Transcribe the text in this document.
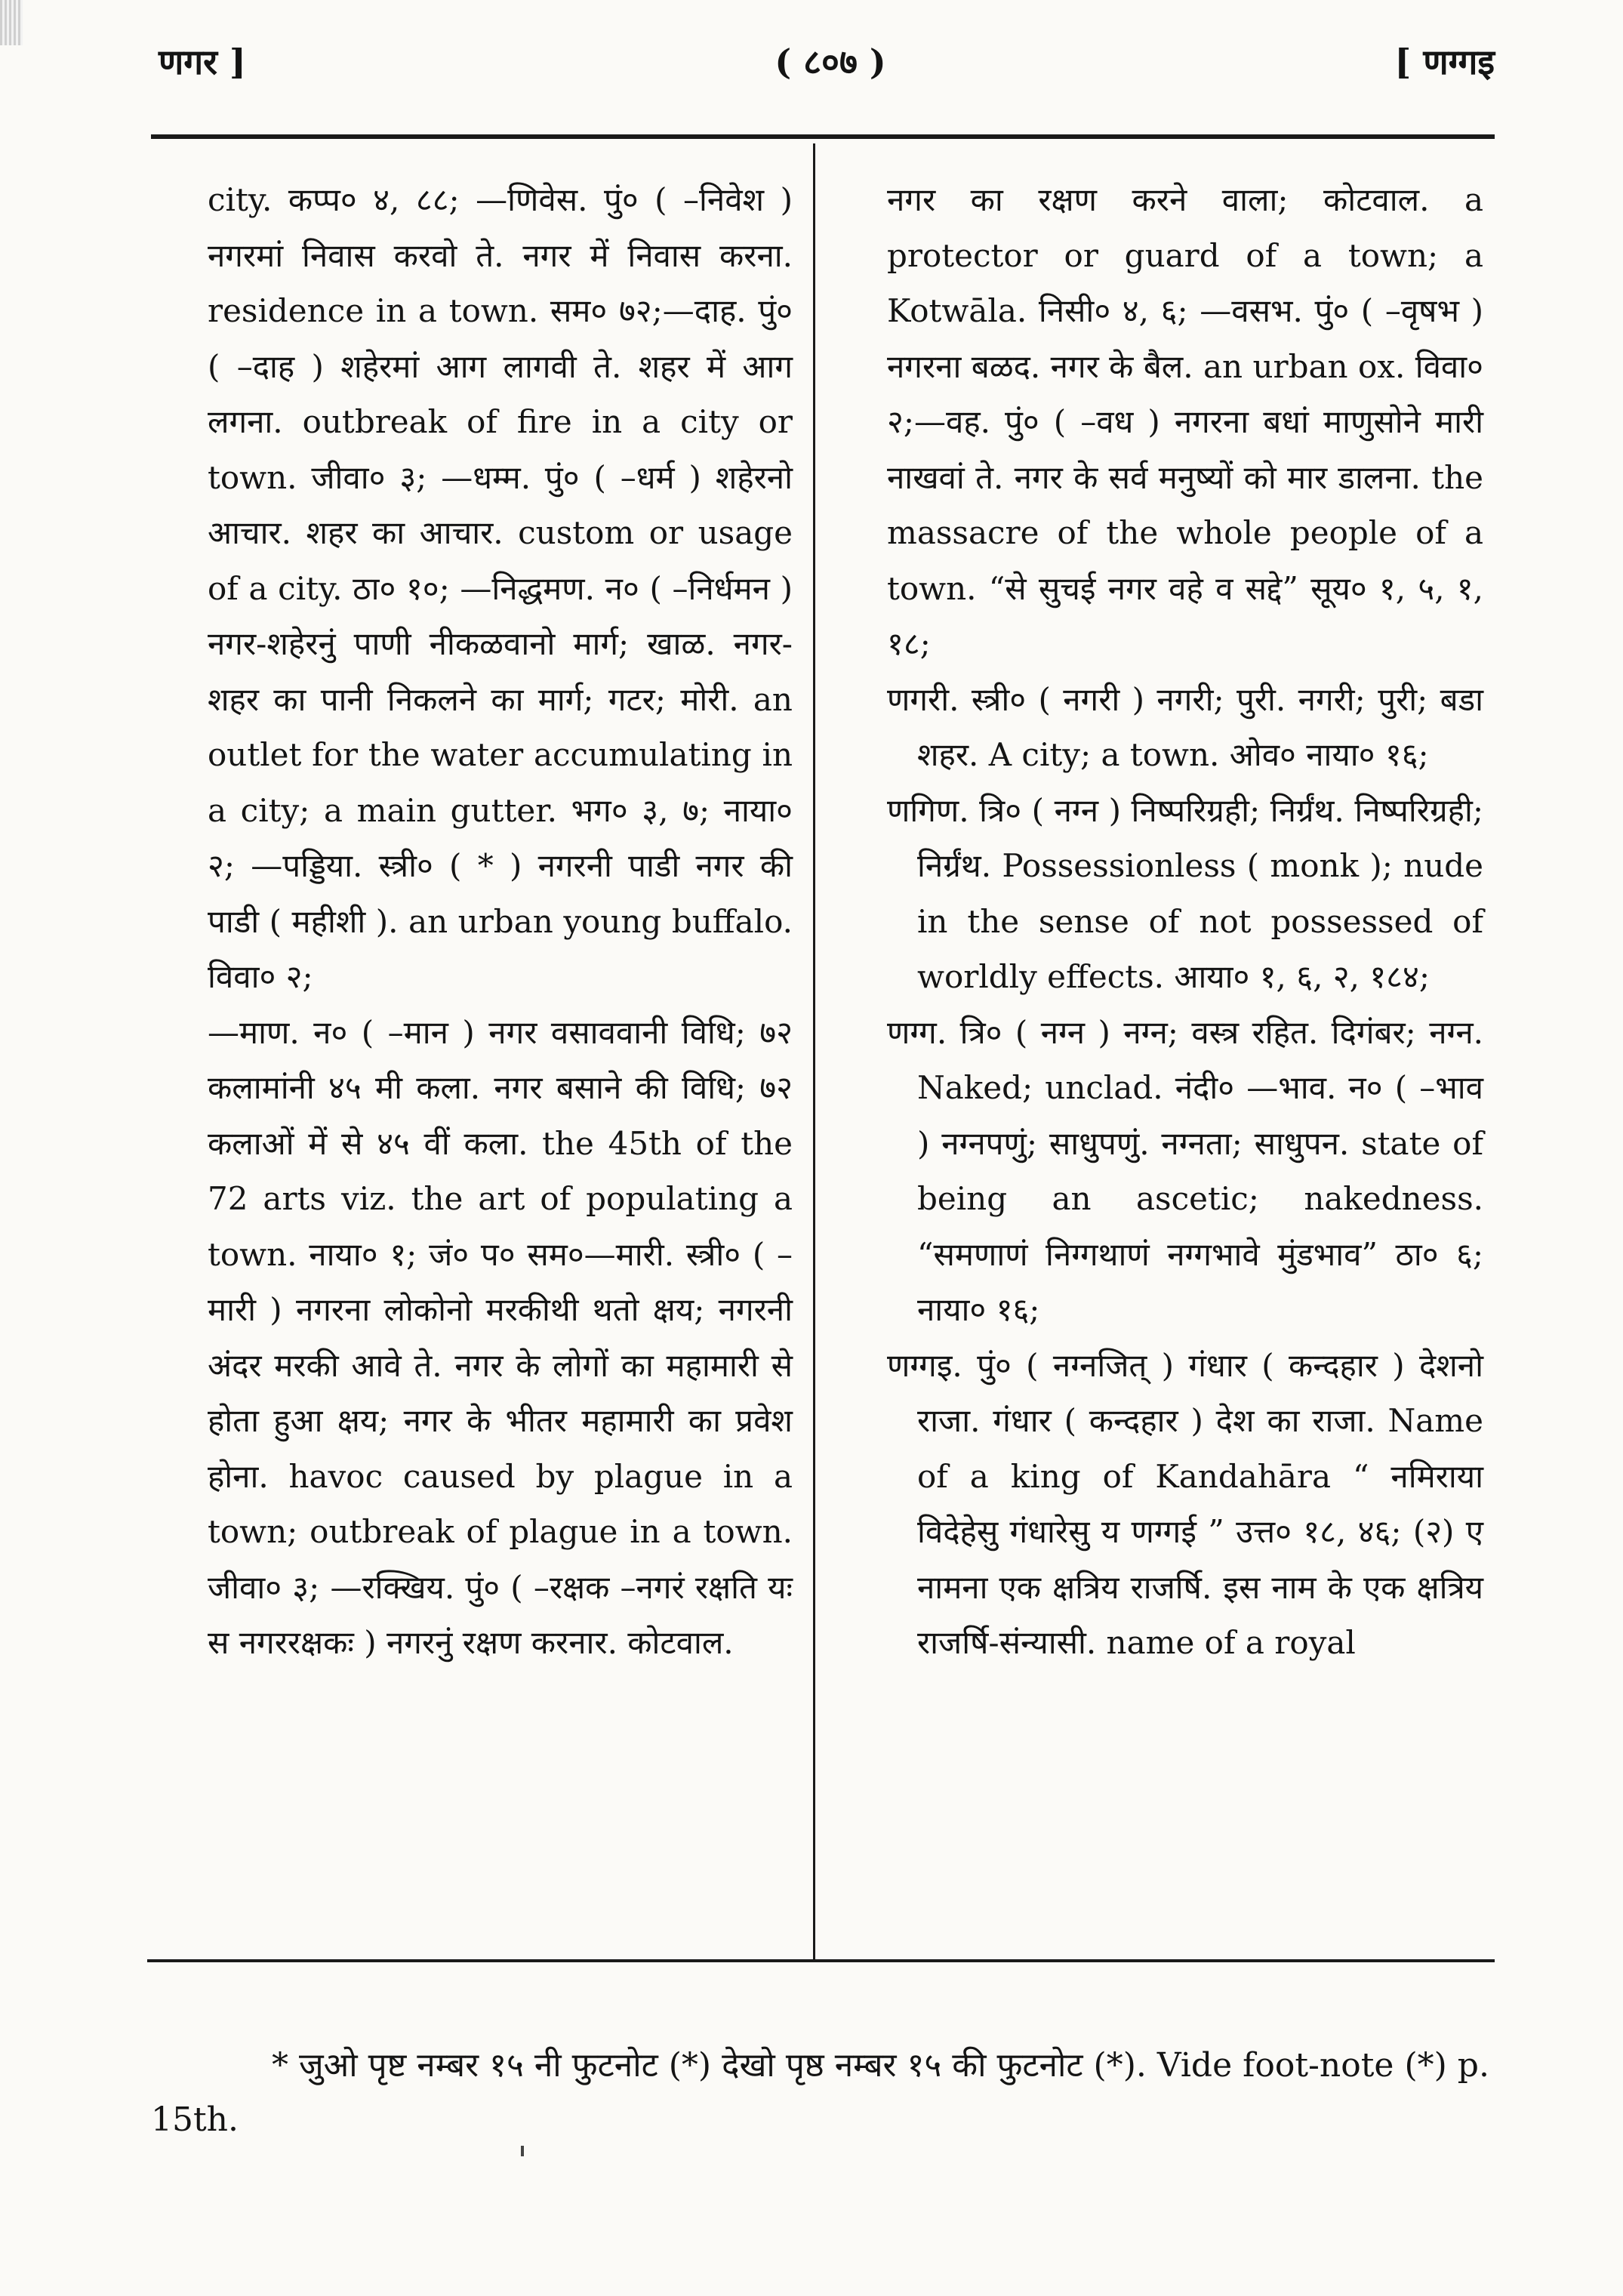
णगर ]	( ८०७ )	[ णग्गइ

city. कप्प० ४, ८८; —णिवेस. पुं० ( –निवेश ) नगरमां निवास करवो ते. नगर में निवास करना. residence in a town. सम० ७२;—दाह. पुं० ( –दाह ) शहेरमां आग लागवी ते. शहर में आग लगना. outbreak of fire in a city or town. जीवा० ३; —धम्म. पुं० ( –धर्म ) शहेरनो आचार. शहर का आचार. custom or usage of a city. ठा० १०; —निद्धमण. न० ( –निर्धमन ) नगर-शहेरनुं पाणी नीकळवानो मार्ग; खाळ. नगर-शहर का पानी निकलने का मार्ग; गटर; मोरी. an outlet for the water accumulating in a city; a main gutter. भग० ३, ७; नाया० २; —पड्डिया. स्त्री० ( * ) नगरनी पाडी नगर की पाडी ( महीशी ). an urban young buffalo. विवा० २;

—माण. न० ( –मान ) नगर वसाववानी विधि; ७२ कलामांनी ४५ मी कला. नगर बसाने की विधि; ७२ कलाओं में से ४५ वीं कला. the 45th of the 72 arts viz. the art of populating a town. नाया० १; जं० प० सम०—मारी. स्त्री० ( –मारी ) नगरना लोकोनो मरकीथी थतो क्षय; नगरनी अंदर मरकी आवे ते. नगर के लोगों का महामारी से होता हुआ क्षय; नगर के भीतर महामारी का प्रवेश होना. havoc caused by plague in a town; outbreak of plague in a town. जीवा० ३; —रक्खिय. पुं० ( –रक्षक –नगरं रक्षति यः स नगररक्षकः ) नगरनुं रक्षण करनार. कोटवाल.

नगर का रक्षण करने वाला; कोटवाल. a protector or guard of a town; a Kotwāla. निसी० ४, ६; —वसभ. पुं० ( –वृषभ ) नगरना बळद. नगर के बैल. an urban ox. विवा० २;—वह. पुं० ( –वध ) नगरना बधां माणुसोने मारी नाखवां ते. नगर के सर्व मनुष्यों को मार डालना. the massacre of the whole people of a town. “से सुचई नगर वहे व सद्दे” सूय० १, ५, १, १८;

णगरी. स्त्री० ( नगरी ) नगरी; पुरी. नगरी; पुरी; बडा शहर. A city; a town. ओव० नाया० १६;

णगिण. त्रि० ( नग्न ) निष्परिग्रही; निर्ग्रंथ. निष्परिग्रही; निर्ग्रंथ. Possessionless ( monk ); nude in the sense of not possessed of worldly effects. आया० १, ६, २, १८४;

णग्ग. त्रि० ( नग्न ) नग्न; वस्त्र रहित. दिगंबर; नग्न. Naked; unclad. नंदी० —भाव. न० ( –भाव ) नग्नपणुं; साधुपणुं. नग्नता; साधुपन. state of being an ascetic; nakedness. “समणाणं निग्गथाणं नग्गभावे मुंडभाव” ठा० ६; नाया० १६;

णग्गइ. पुं० ( नग्नजित् ) गंधार ( कन्दहार ) देशनो राजा. गंधार ( कन्दहार ) देश का राजा. Name of a king of Kandahāra “ नमिराया विदेहेसु गंधारेसु य णग्गई ” उत्त० १८, ४६; (२) ए नामना एक क्षत्रिय राजर्षि. इस नाम के एक क्षत्रिय राजर्षि-संन्यासी. name of a royal

* जुओ पृष्ट नम्बर १५ नी फुटनोट (*) देखो पृष्ठ नम्बर १५ की फुटनोट (*). Vide foot-note (*) p. 15th.
